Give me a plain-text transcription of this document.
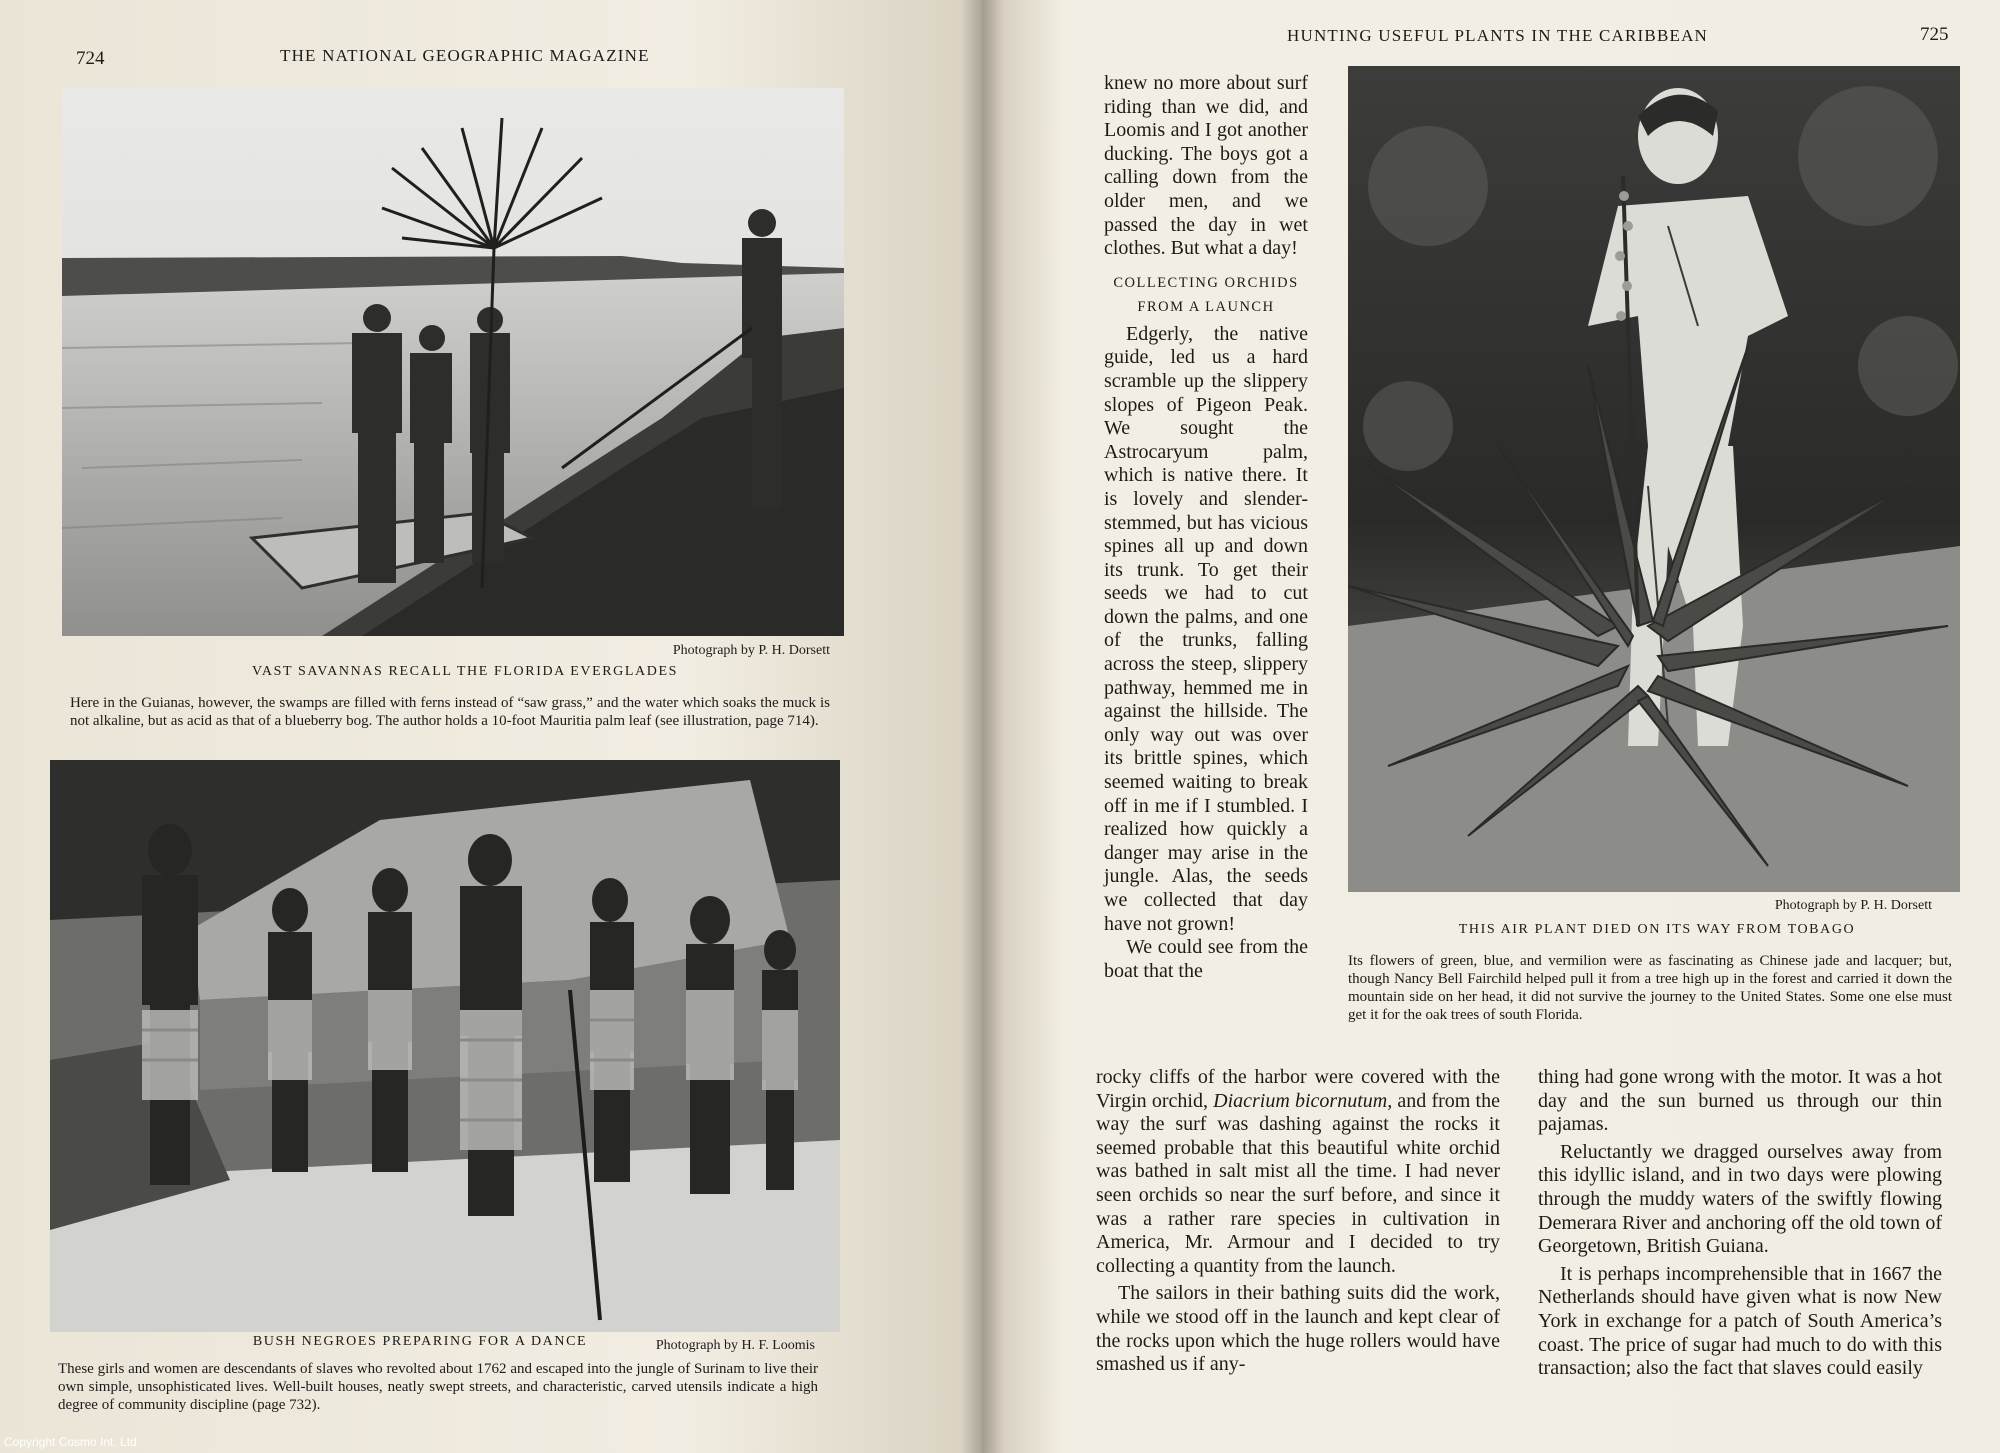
724	THE NATIONAL GEOGRAPHIC MAGAZINE
Photograph by P. H. Dorsett
VAST SAVANNAS RECALL THE FLORIDA EVERGLADES
Here in the Guianas, however, the swamps are filled with ferns instead of “saw grass,” and the water which soaks the muck is not alkaline, but as acid as that of a blueberry bog. The author holds a 10-foot Mauritia palm leaf (see illustration, page 714).
BUSH NEGROES PREPARING FOR A DANCE	Photograph by H. F. Loomis
These girls and women are descendants of slaves who revolted about 1762 and escaped into the jungle of Surinam to live their own simple, unsophisticated lives. Well-built houses, neatly swept streets, and characteristic, carved utensils indicate a high degree of community discipline (page 732).
Copyright Cosmo Int. Ltd
HUNTING USEFUL PLANTS IN THE CARIBBEAN	725

knew no more about surf riding than we did, and Loomis and I got another ducking. The boys got a calling down from the older men, and we passed the day in wet clothes. But what a day!

COLLECTING ORCHIDS
FROM A LAUNCH

Edgerly, the native guide, led us a hard scramble up the slippery slopes of Pigeon Peak. We sought the Astrocaryum palm, which is native there. It is lovely and slender-stemmed, but has vicious spines all up and down its trunk. To get their seeds we had to cut down the palms, and one of the trunks, falling across the steep, slippery pathway, hemmed me in against the hillside. The only way out was over its brittle spines, which seemed waiting to break off in me if I stumbled. I realized how quickly a danger may arise in the jungle. Alas, the seeds we collected that day have not grown!

We could see from the boat that the

Photograph by P. H. Dorsett
THIS AIR PLANT DIED ON ITS WAY FROM TOBAGO
Its flowers of green, blue, and vermilion were as fascinating as Chinese jade and lacquer; but, though Nancy Bell Fairchild helped pull it from a tree high up in the forest and carried it down the mountain side on her head, it did not survive the journey to the United States. Some one else must get it for the oak trees of south Florida.

rocky cliffs of the harbor were covered with the Virgin orchid, Diacrium bicornutum, and from the way the surf was dashing against the rocks it seemed probable that this beautiful white orchid was bathed in salt mist all the time. I had never seen orchids so near the surf before, and since it was a rather rare species in cultivation in America, Mr. Armour and I decided to try collecting a quantity from the launch.

The sailors in their bathing suits did the work, while we stood off in the launch and kept clear of the rocks upon which the huge rollers would have smashed us if any-

thing had gone wrong with the motor. It was a hot day and the sun burned us through our thin pajamas.

Reluctantly we dragged ourselves away from this idyllic island, and in two days were plowing through the muddy waters of the swiftly flowing Demerara River and anchoring off the old town of Georgetown, British Guiana.

It is perhaps incomprehensible that in 1667 the Netherlands should have given what is now New York in exchange for a patch of South America’s coast. The price of sugar had much to do with this transaction; also the fact that slaves could easily
